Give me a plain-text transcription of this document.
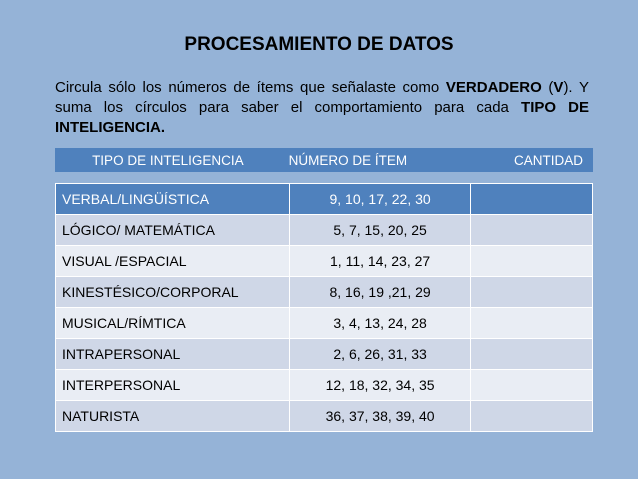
PROCESAMIENTO DE DATOS
Circula sólo los números de ítems que señalaste como VERDADERO (V). Y suma los círculos para saber el comportamiento para cada TIPO DE INTELIGENCIA.
TIPO DE INTELIGENCIA	NÚMERO DE ÍTEM	CANTIDAD
VERBAL/LINGÜÍSTICA	9, 10, 17, 22, 30	
LÓGICO/ MATEMÁTICA	5, 7, 15, 20, 25	
VISUAL /ESPACIAL	1, 11, 14, 23, 27	
KINESTÉSICO/CORPORAL	8, 16, 19 ,21, 29	
MUSICAL/RÍMTICA	3, 4, 13, 24, 28	
INTRAPERSONAL	2, 6, 26, 31, 33	
INTERPERSONAL	12, 18, 32, 34, 35	
NATURISTA	36, 37, 38, 39, 40	
